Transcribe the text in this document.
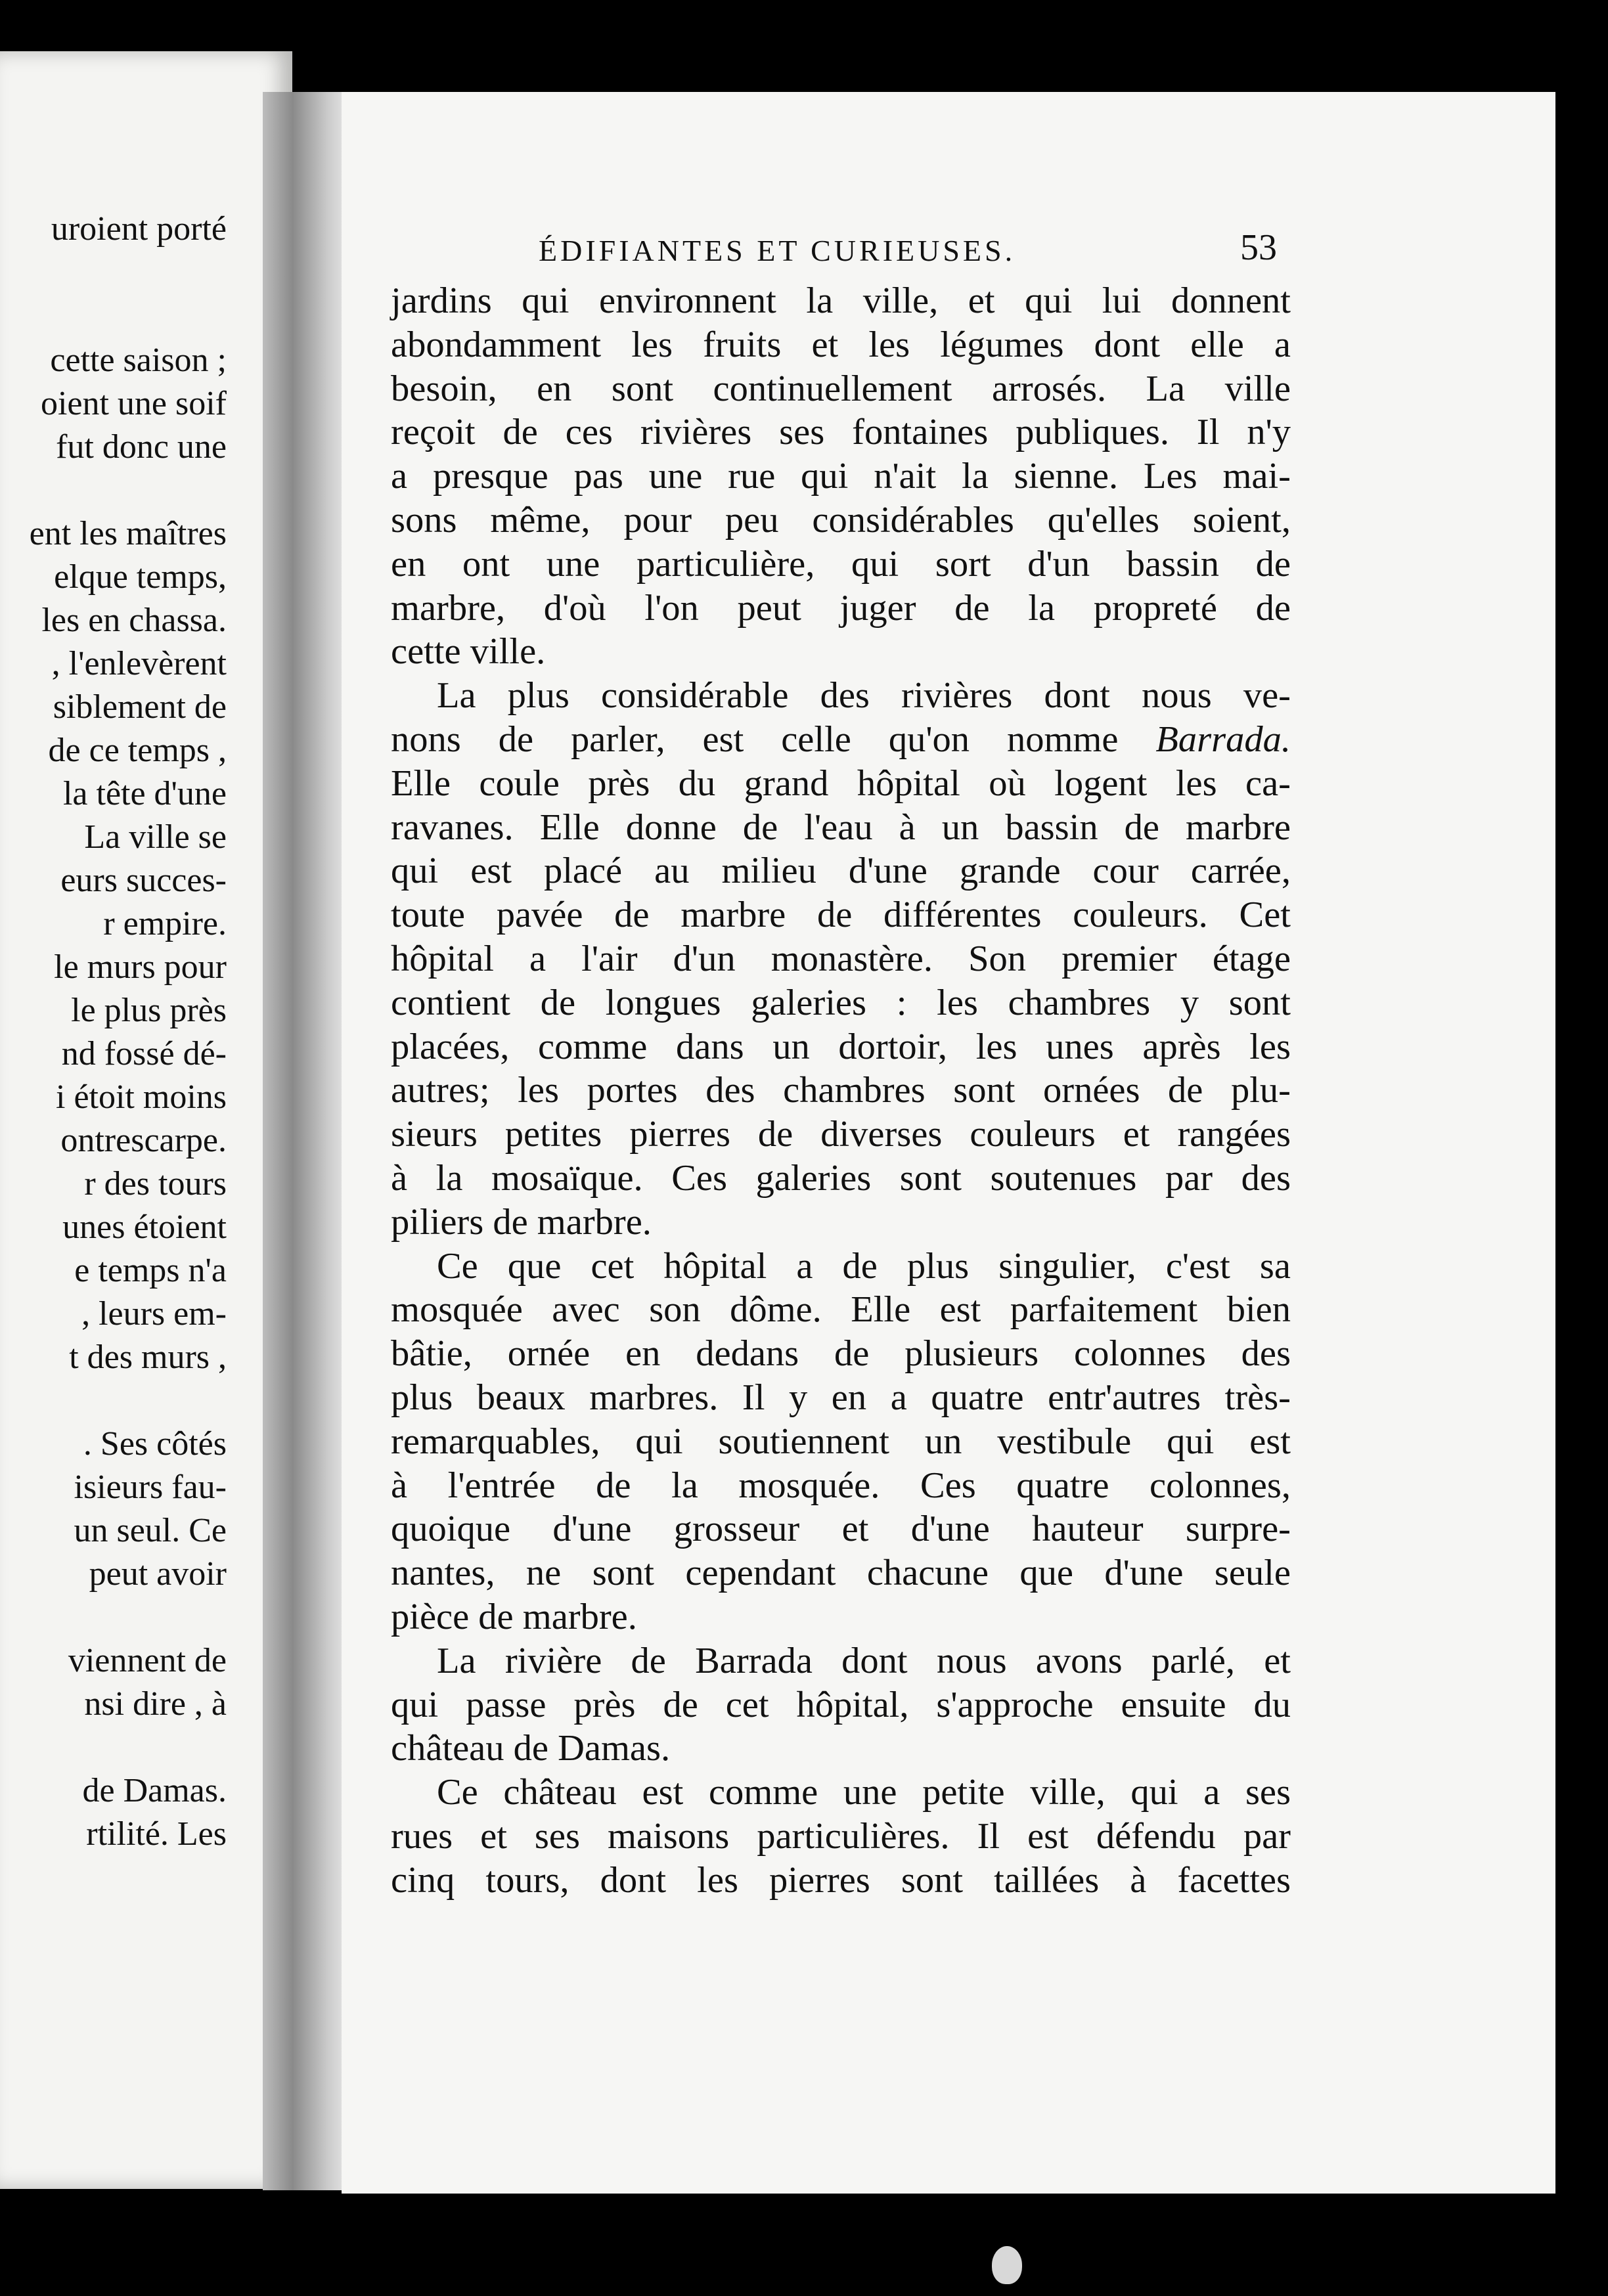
uroient porté
cette saison ;
oient une soif
fut donc une
ent les maîtres
elque temps,
les en chassa.
, l'enlevèrent
siblement de
de ce temps ,
la tête d'une
La ville se
eurs succes-
r empire.
le murs pour
le plus près
nd fossé dé-
i étoit moins
ontrescarpe.
r des tours
unes étoient
e temps n'a
, leurs em-
t des murs ,
. Ses côtés
isieurs fau-
un seul. Ce
peut avoir
viennent de
nsi dire , à
de Damas.
rtilité. Les
ÉDIFIANTES ET CURIEUSES.	53
jardins qui environnent la ville, et qui lui donnent
abondamment les fruits et les légumes dont elle a
besoin, en sont continuellement arrosés. La ville
reçoit de ces rivières ses fontaines publiques. Il n'y
a presque pas une rue qui n'ait la sienne. Les mai-
sons même, pour peu considérables qu'elles soient,
en ont une particulière, qui sort d'un bassin de
marbre, d'où l'on peut juger de la propreté de
cette ville.
La plus considérable des rivières dont nous ve-
nons de parler, est celle qu'on nomme Barrada.
Elle coule près du grand hôpital où logent les ca-
ravanes. Elle donne de l'eau à un bassin de marbre
qui est placé au milieu d'une grande cour carrée,
toute pavée de marbre de différentes couleurs. Cet
hôpital a l'air d'un monastère. Son premier étage
contient de longues galeries : les chambres y sont
placées, comme dans un dortoir, les unes après les
autres; les portes des chambres sont ornées de plu-
sieurs petites pierres de diverses couleurs et rangées
à la mosaïque. Ces galeries sont soutenues par des
piliers de marbre.
Ce que cet hôpital a de plus singulier, c'est sa
mosquée avec son dôme. Elle est parfaitement bien
bâtie, ornée en dedans de plusieurs colonnes des
plus beaux marbres. Il y en a quatre entr'autres très-
remarquables, qui soutiennent un vestibule qui est
à l'entrée de la mosquée. Ces quatre colonnes,
quoique d'une grosseur et d'une hauteur surpre-
nantes, ne sont cependant chacune que d'une seule
pièce de marbre.
La rivière de Barrada dont nous avons parlé, et
qui passe près de cet hôpital, s'approche ensuite du
château de Damas.
Ce château est comme une petite ville, qui a ses
rues et ses maisons particulières. Il est défendu par
cinq tours, dont les pierres sont taillées à facettes
